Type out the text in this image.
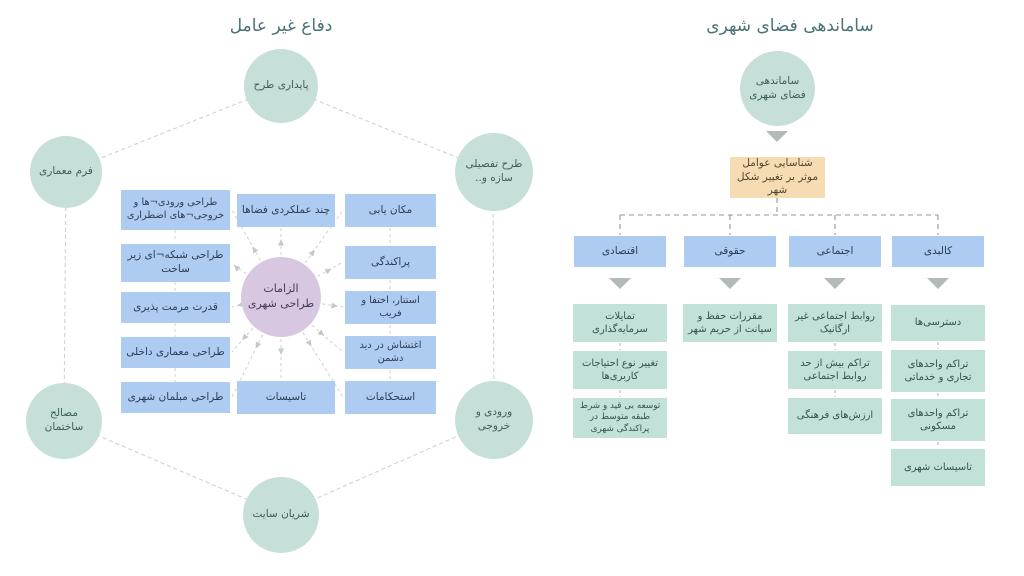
دفاع غیر عامل
پایداری طرح
فرم معماری
طرح تفصیلی سازه و..
مصالح ساختمان
ورودی و خروجی
شریان سایت
الزامات طراحی شهری
طراحی ورودی¬ها و خروجی¬های اضطراری
طراحی شبکه¬ای زیر ساخت
قدرت مرمت پذیری
طراحی معماری داخلی
طراحی مبلمان شهری
چند عملکردی فضاها
تاسیسات
مکان یابی
پراکندگی
استتار، اختفا و فریب
اغتشاش در دید دشمن
استحکامات
ساماندهی فضای شهری
ساماندهی فضای شهری
شناسایی عوامل موثر بر تغییر شکل شهر
اقتصادی	حقوقی	اجتماعی	کالبدی
تمایلات سرمایه‌گذاری
تغییر نوع احتیاجات کاربری‌ها
توسعه بی قید و شرط طبقه متوسط در پراکندگی شهری
مقررات حفظ و سیانت از حریم شهر
روابط اجتماعی غیر ارگانیک
تراکم بیش از حد روابط اجتماعی
ارزش‌های فرهنگی
دسترسی‌ها
تراکم واحدهای تجاری و خدماتی
تراکم واحدهای مسکونی
تاسیسات شهری
